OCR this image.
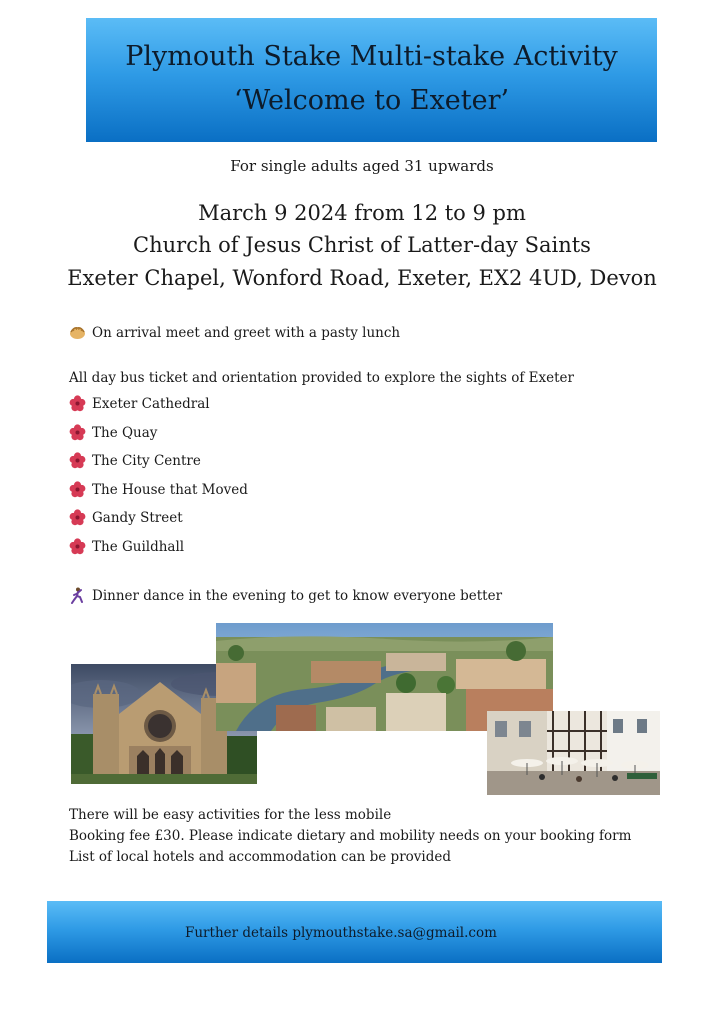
Plymouth Stake Multi-stake Activity
‘Welcome to Exeter’
For single adults aged 31 upwards
March 9 2024 from 12 to 9 pm
Church of Jesus Christ of Latter-day Saints
Exeter Chapel, Wonford Road, Exeter, EX2 4UD, Devon
On arrival meet and greet with a pasty lunch
All day bus ticket and orientation provided to explore the sights of Exeter
Exeter Cathedral
The Quay
The City Centre
The House that Moved
Gandy Street
The Guildhall
Dinner dance in the evening to get to know everyone better
There will be easy activities for the less mobile
Booking fee £30. Please indicate dietary and mobility needs on your booking form
List of local hotels and accommodation can be provided
Further details plymouthstake.sa@gmail.com
